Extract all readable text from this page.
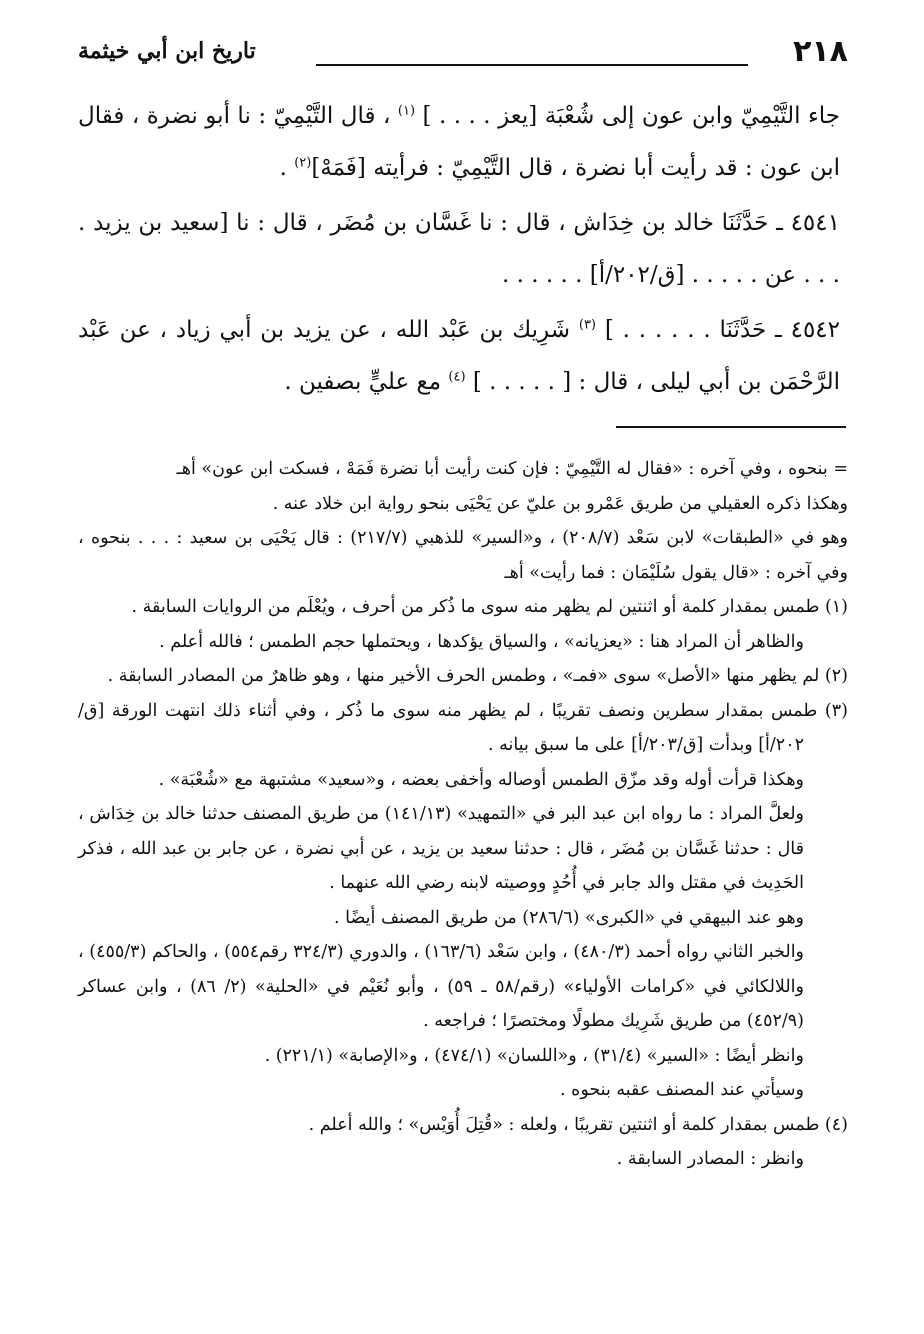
٢١٨
تاريخ ابن أبي خيثمة

جاء التَّيْمِيّ وابن عون إلى شُعْبَة [يعز . . . . ] $^{(١)}$ ، قال التَّيْمِيّ : نا أبو نضرة ، فقال ابن عون : قد رأيت أبا نضرة ، قال التَّيْمِيّ : فرأيته [فَمَهْ]$^{(٢)}$ .

٤٥٤١ ـ حَدَّثَنَا خالد بن خِدَاش ، قال : نا غَسَّان بن مُضَر ، قال : نا [سعيد بن يزيد . . . . عن . . . . . [ق/٢٠٢/أ] . . . . . .

٤٥٤٢ ـ حَدَّثَنَا . . . . . . ] $^{(٣)}$ شَرِيك بن عَبْد الله ، عن يزيد بن أبي زياد ، عن عَبْد الرَّحْمَن بن أبي ليلى ، قال : [ . . . . . ] $^{(٤)}$ مع عليٍّ بصفين .

= بنحوه ، وفي آخره : «فقال له التَّيْمِيّ : فإن كنت رأيت أبا نضرة فَمَهْ ، فسكت ابن عون» أهـ

وهكذا ذكره العقيلي من طريق عَمْرو بن عليّ عن يَحْيَى بنحو رواية ابن خلاد عنه .

وهو في «الطبقات» لابن سَعْد (٢٠٨/٧) ، و«السير» للذهبي (٢١٧/٧) : قال يَحْيَى بن سعيد : . . . بنحوه ، وفي آخره : «قال يقول سُلَيْمَان : فما رأيت» أهـ

(١) طمس بمقدار كلمة أو اثنتين لم يظهر منه سوى ما ذُكر من أحرف ، ويُعْلَم من الروايات السابقة .

والظاهر أن المراد هنا : «يعزيانه» ، والسياق يؤكدها ، ويحتملها حجم الطمس ؛ فالله أعلم .

(٢) لم يظهر منها «الأصل» سوى «فمـ» ، وطمس الحرف الأخير منها ، وهو ظاهرٌ من المصادر السابقة .

(٣) طمس بمقدار سطرين ونصف تقريبًا ، لم يظهر منه سوى ما ذُكر ، وفي أثناء ذلك انتهت الورقة [ق/ ٢٠٢/أ] وبدأت [ق/٢٠٣/أ] على ما سبق بيانه .

وهكذا قرأت أوله وقد مزّق الطمس أوصاله وأخفى بعضه ، و«سعيد» مشتبهة مع «شُعْبَة» .

ولعلَّ المراد : ما رواه ابن عبد البر في «التمهيد» (١٤١/١٣) من طريق المصنف حدثنا خالد بن خِدَاش ، قال : حدثنا غَسَّان بن مُضَر ، قال : حدثنا سعيد بن يزيد ، عن أبي نضرة ، عن جابر بن عبد الله ، فذكر الحَدِيث في مقتل والد جابر في أُحُدٍ ووصيته لابنه رضي الله عنهما .

وهو عند البيهقي في «الكبرى» (٢٨٦/٦) من طريق المصنف أيضًا .

والخبر الثاني رواه أحمد (٤٨٠/٣) ، وابن سَعْد (١٦٣/٦) ، والدوري (٣٢٤/٣ رقم٥٥٤) ، والحاكم (٤٥٥/٣) ، واللالكائي في «كرامات الأولياء» (رقم/٥٨ ـ ٥٩) ، وأبو نُعَيْم في «الحلية» (٢/ ٨٦) ، وابن عساكر (٤٥٢/٩) من طريق شَرِيك مطولًا ومختصرًا ؛ فراجعه .

وانظر أيضًا : «السير» (٣١/٤) ، و«اللسان» (٤٧٤/١) ، و«الإصابة» (٢٢١/١) .

وسيأتي عند المصنف عقبه بنحوه .

(٤) طمس بمقدار كلمة أو اثنتين تقريبًا ، ولعله : «قُتِلَ أُوَيْس» ؛ والله أعلم .

وانظر : المصادر السابقة .
